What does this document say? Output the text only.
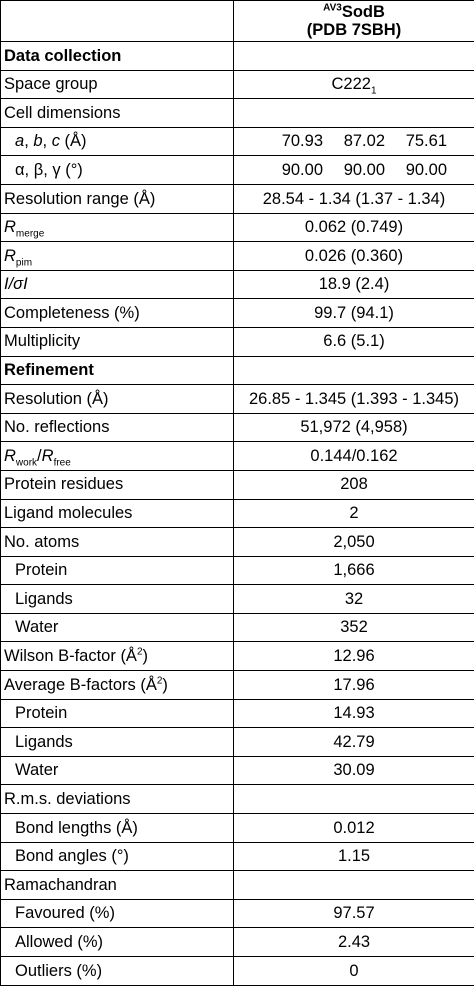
	$^{AV3}$SodB
(PDB 7SBH)
Data collection	
Space group	$C222_1$
Cell dimensions	
a, b, c (Å)	70.93 87.02 75.61
α, β, γ (°)	90.00 90.00 90.00
Resolution range (Å)	28.54 - 1.34 (1.37 - 1.34)
$R_{merge}$	0.062 (0.749)
$R_{pim}$	0.026 (0.360)
I/σI	18.9 (2.4)
Completeness (%)	99.7 (94.1)
Multiplicity	6.6 (5.1)
Refinement	
Resolution (Å)	26.85 - 1.345 (1.393 - 1.345)
No. reflections	51,972 (4,958)
$R_{work}/R_{free}$	0.144/0.162
Protein residues	208
Ligand molecules	2
No. atoms	2,050
Protein	1,666
Ligands	32
Water	352
Wilson B-factor $(Å^2)$	12.96
Average B-factors $(Å^2)$	17.96
Protein	14.93
Ligands	42.79
Water	30.09
R.m.s. deviations	
Bond lengths (Å)	0.012
Bond angles (°)	1.15
Ramachandran	
Favoured (%)	97.57
Allowed (%)	2.43
Outliers (%)	0
